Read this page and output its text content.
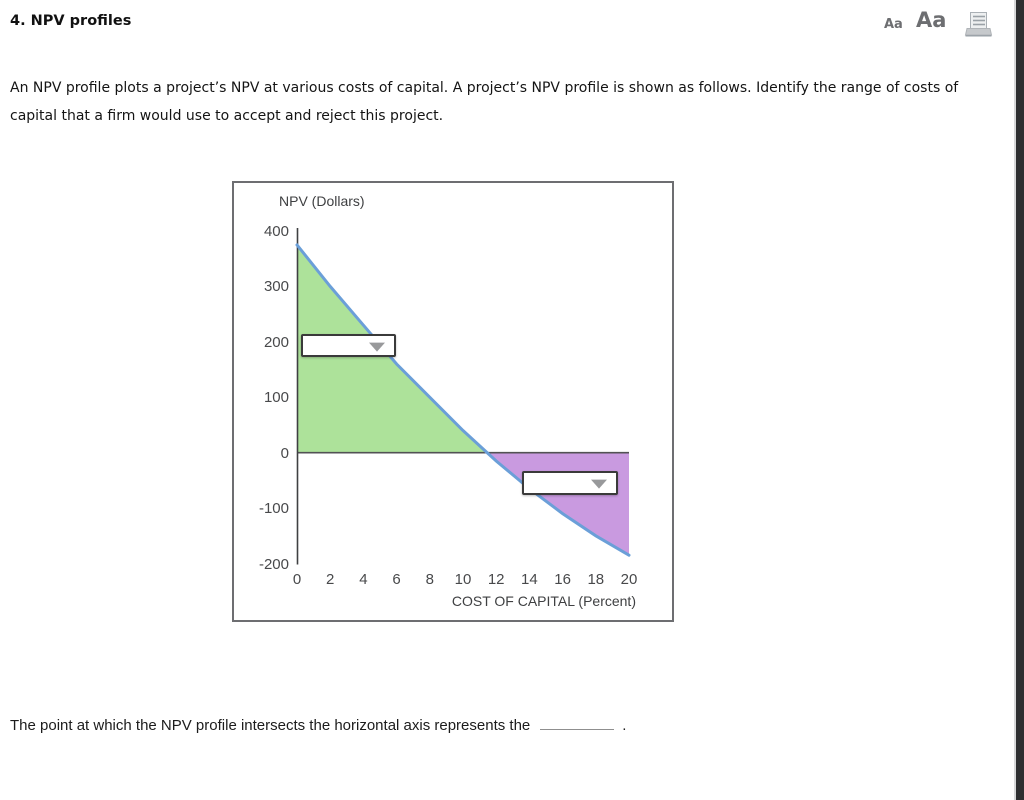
4. NPV profiles	Aa Aa

An NPV profile plots a project’s NPV at various costs of capital. A project’s NPV profile is shown as follows. Identify the range of costs of capital that a firm would use to accept and reject this project.

NPV (Dollars)
COST OF CAPITAL (Percent)
400
300
200
100
0
-100
-200
0	2	4	6	8	10	12	14	16	18	20
The point at which the NPV profile intersects the horizontal axis represents the	.
